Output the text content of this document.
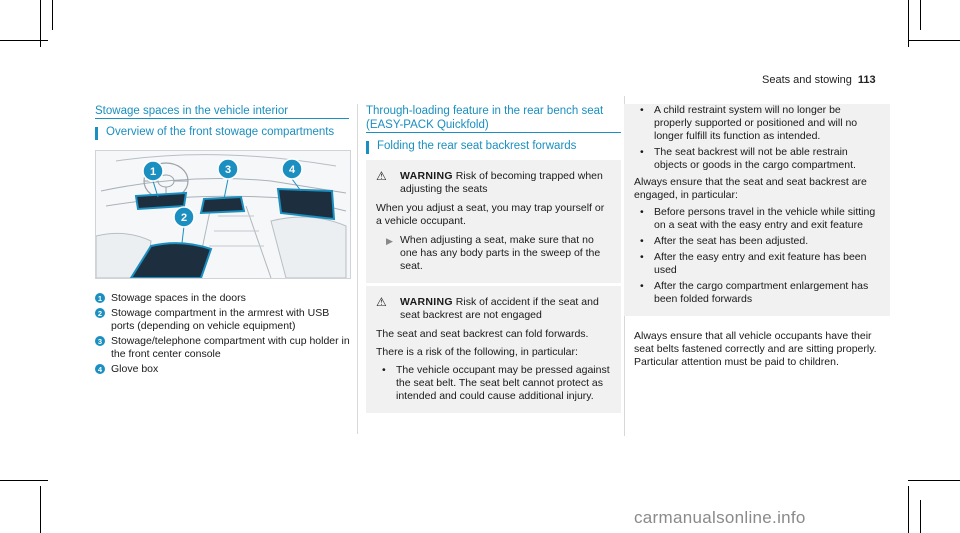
Seats and stowing 113
Stowage spaces in the vehicle interior
Overview of the front stowage compartments
1
2
3	4
1 Stowage spaces in the doors
2 Stowage compartment in the armrest with USB ports (depending on vehicle equipment)
3 Stowage/telephone compartment with cup holder in the front center console
4 Glove box
Through-loading feature in the rear bench seat
(EASY-PACK Quickfold)
Folding the rear seat backrest forwards
⚠	WARNING Risk of becoming trapped when adjusting the seats

When you adjust a seat, you may trap yourself or a vehicle occupant.

▶ When adjusting a seat, make sure that no one has any body parts in the sweep of the seat.
⚠	WARNING Risk of accident if the seat and seat backrest are not engaged

The seat and seat backrest can fold forwards.

There is a risk of the following, in particular:

• The vehicle occupant may be pressed against the seat belt. The seat belt cannot protect as intended and could cause additional injury.
• A child restraint system will no longer be properly supported or positioned and will no longer fulfill its function as intended.
• The seat backrest will not be able restrain objects or goods in the cargo compartment.

Always ensure that the seat and seat backrest are engaged, in particular:

• Before persons travel in the vehicle while sitting on a seat with the easy entry and exit feature
• After the seat has been adjusted.
• After the easy entry and exit feature has been used
• After the cargo compartment enlargement has been folded forwards

Always ensure that all vehicle occupants have their seat belts fastened correctly and are sitting properly. Particular attention must be paid to children.

carmanualsonline.info
